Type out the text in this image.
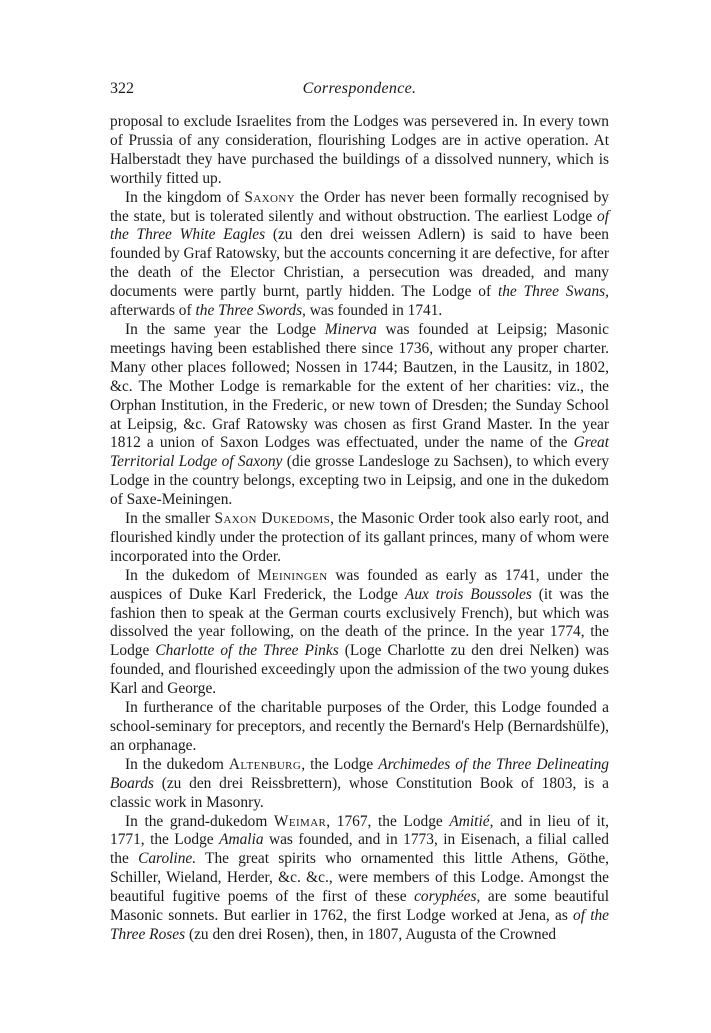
322	Correspondence.

proposal to exclude Israelites from the Lodges was persevered in. In every town of Prussia of any consideration, flourishing Lodges are in active operation. At Halberstadt they have purchased the buildings of a dissolved nunnery, which is worthily fitted up.

In the kingdom of Saxony the Order has never been formally recognised by the state, but is tolerated silently and without obstruction. The earliest Lodge of the Three White Eagles (zu den drei weissen Adlern) is said to have been founded by Graf Ratowsky, but the accounts concerning it are defective, for after the death of the Elector Christian, a persecution was dreaded, and many documents were partly burnt, partly hidden. The Lodge of the Three Swans, afterwards of the Three Swords, was founded in 1741.

In the same year the Lodge Minerva was founded at Leipsig; Masonic meetings having been established there since 1736, without any proper charter. Many other places followed; Nossen in 1744; Bautzen, in the Lausitz, in 1802, &c. The Mother Lodge is remarkable for the extent of her charities: viz., the Orphan Institution, in the Frederic, or new town of Dresden; the Sunday School at Leipsig, &c. Graf Ratowsky was chosen as first Grand Master. In the year 1812 a union of Saxon Lodges was effectuated, under the name of the Great Territorial Lodge of Saxony (die grosse Landesloge zu Sachsen), to which every Lodge in the country belongs, excepting two in Leipsig, and one in the dukedom of Saxe-Meiningen.

In the smaller Saxon Dukedoms, the Masonic Order took also early root, and flourished kindly under the protection of its gallant princes, many of whom were incorporated into the Order.

In the dukedom of Meiningen was founded as early as 1741, under the auspices of Duke Karl Frederick, the Lodge Aux trois Boussoles (it was the fashion then to speak at the German courts exclusively French), but which was dissolved the year following, on the death of the prince. In the year 1774, the Lodge Charlotte of the Three Pinks (Loge Charlotte zu den drei Nelken) was founded, and flourished exceedingly upon the admission of the two young dukes Karl and George.

In furtherance of the charitable purposes of the Order, this Lodge founded a school-seminary for preceptors, and recently the Bernard's Help (Bernardshülfe), an orphanage.

In the dukedom Altenburg, the Lodge Archimedes of the Three Delineating Boards (zu den drei Reissbrettern), whose Constitution Book of 1803, is a classic work in Masonry.

In the grand-dukedom Weimar, 1767, the Lodge Amitié, and in lieu of it, 1771, the Lodge Amalia was founded, and in 1773, in Eisenach, a filial called the Caroline. The great spirits who ornamented this little Athens, Göthe, Schiller, Wieland, Herder, &c. &c., were members of this Lodge. Amongst the beautiful fugitive poems of the first of these coryphées, are some beautiful Masonic sonnets. But earlier in 1762, the first Lodge worked at Jena, as of the Three Roses (zu den drei Rosen), then, in 1807, Augusta of the Crowned
